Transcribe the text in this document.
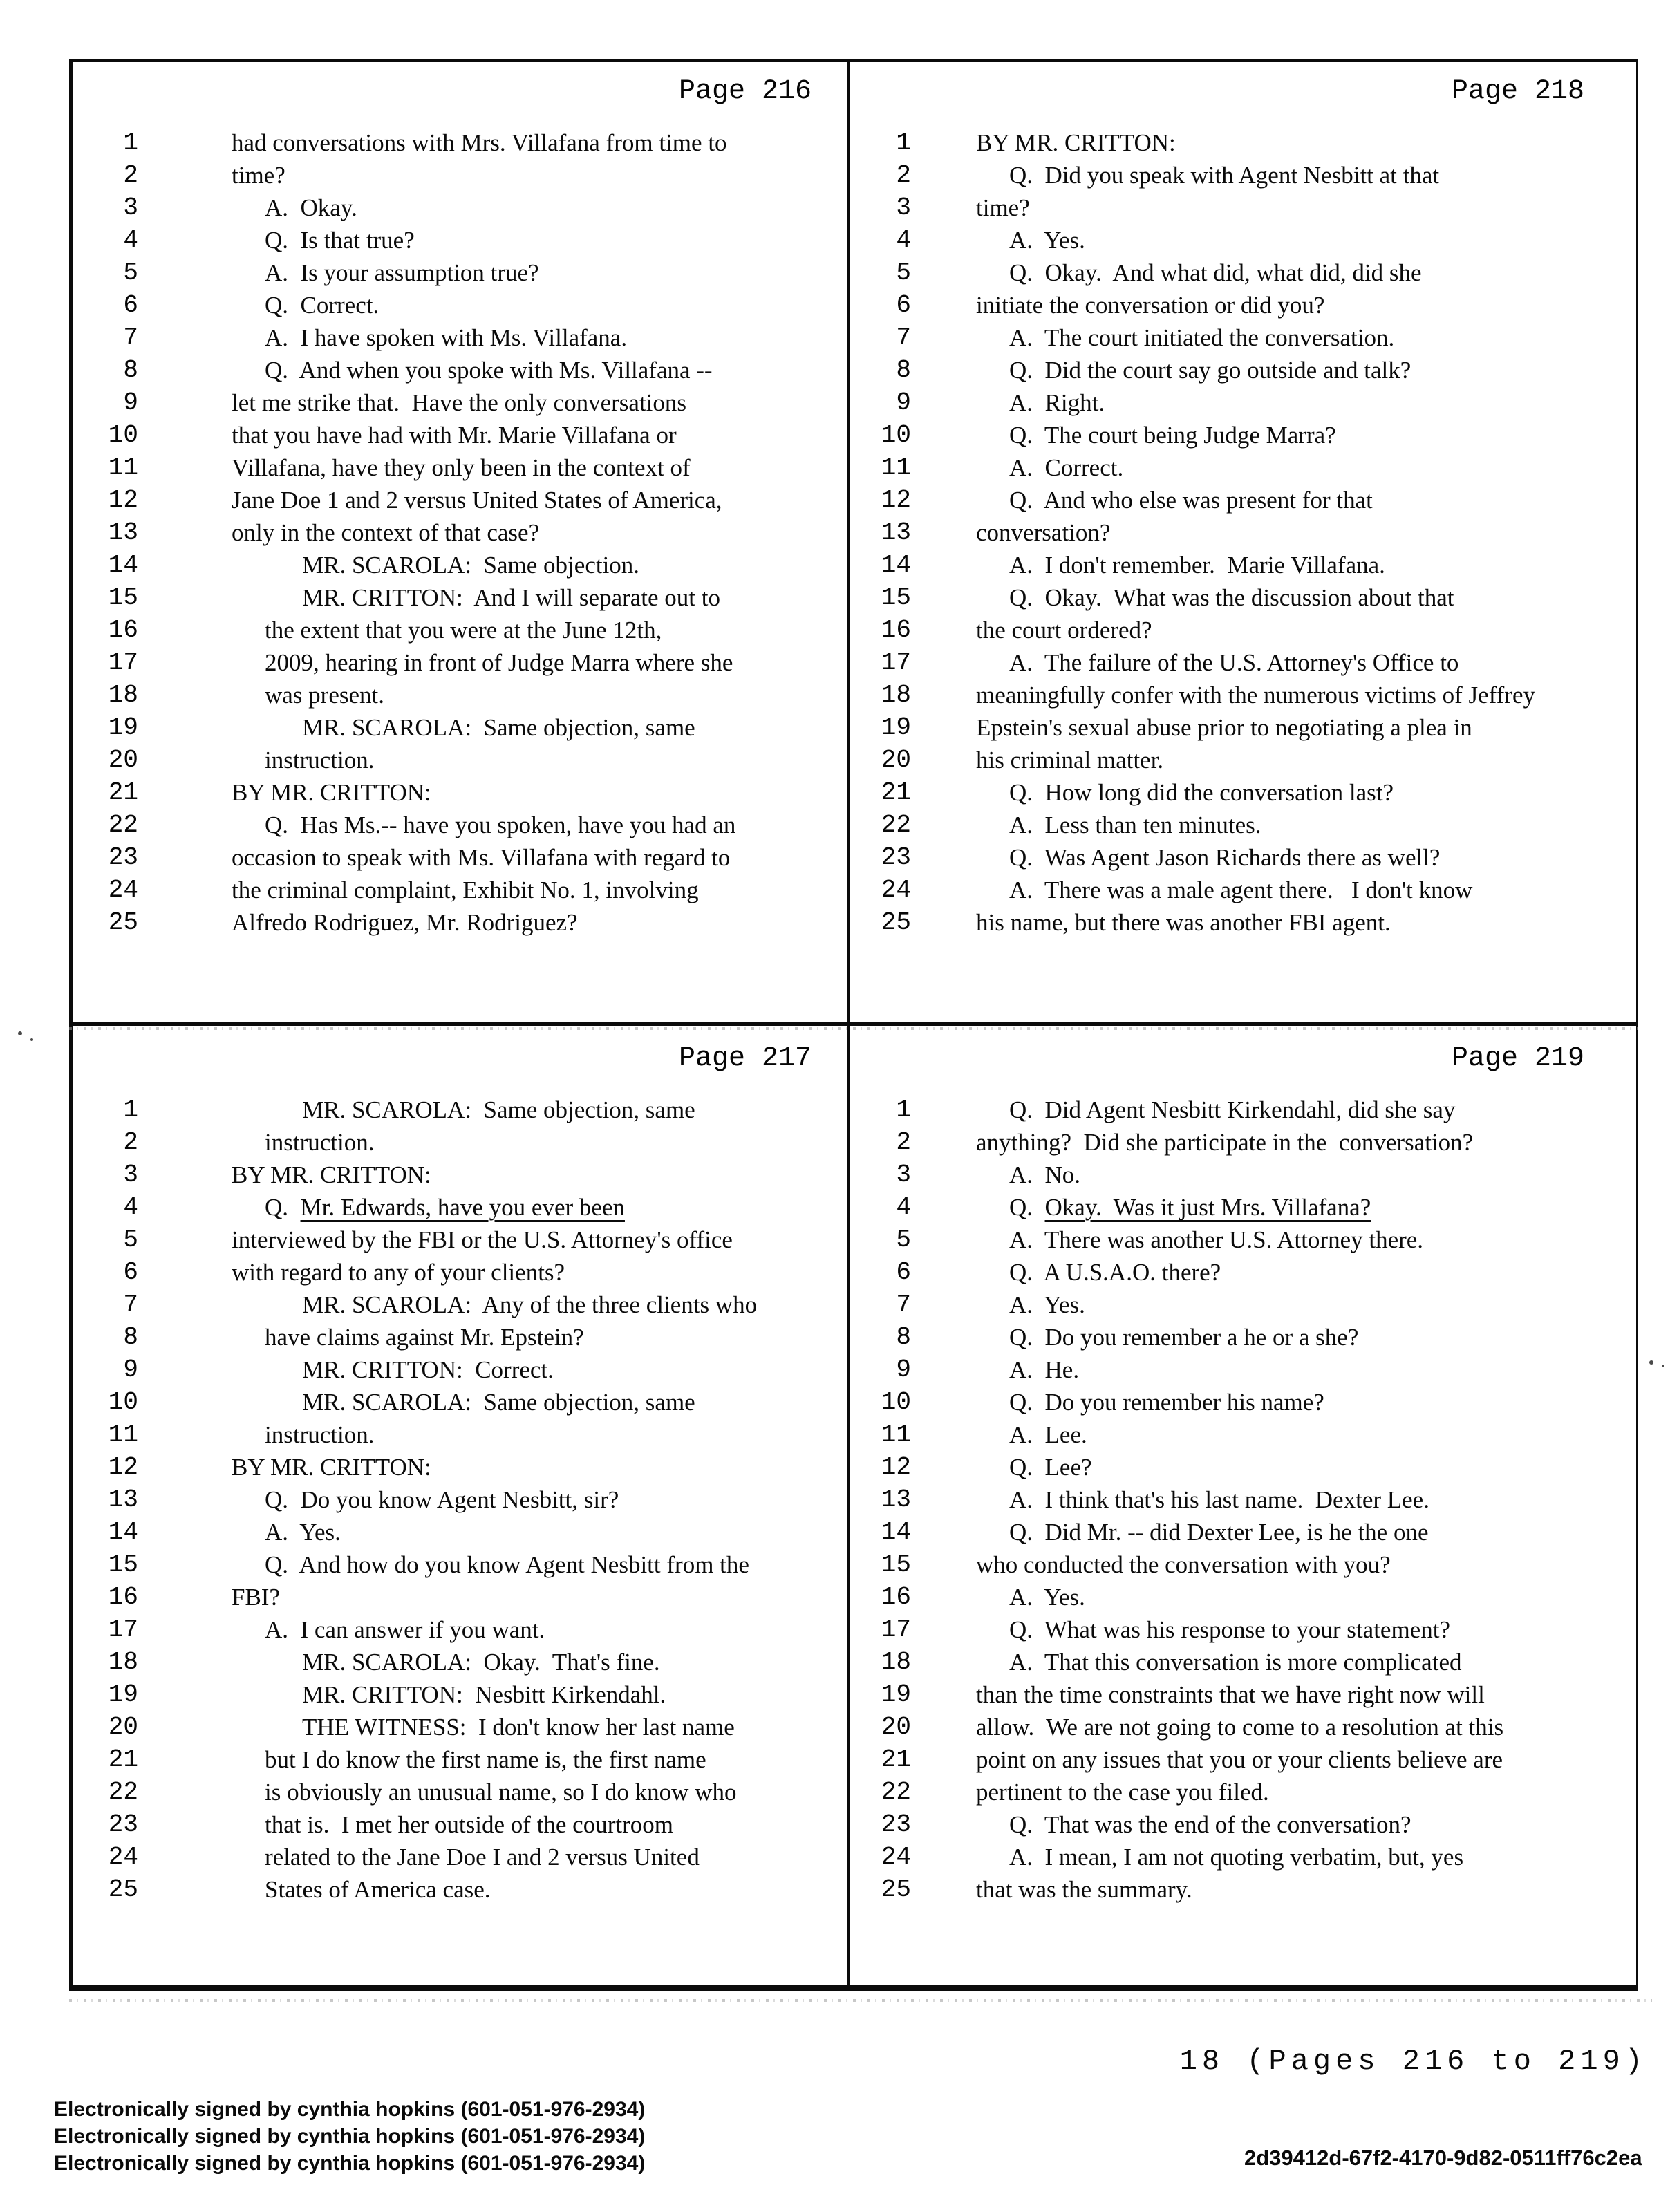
Page 216
1	had conversations with Mrs. Villafana from time to
2	time?
3	A.  Okay.
4	Q.  Is that true?
5	A.  Is your assumption true?
6	Q.  Correct.
7	A.  I have spoken with Ms. Villafana.
8	Q.  And when you spoke with Ms. Villafana --
9	let me strike that.  Have the only conversations
10	that you have had with Mr. Marie Villafana or
11	Villafana, have they only been in the context of
12	Jane Doe 1 and 2 versus United States of America,
13	only in the context of that case?
14	MR. SCAROLA:  Same objection.
15	MR. CRITTON:  And I will separate out to
16	the extent that you were at the June 12th,
17	2009, hearing in front of Judge Marra where she
18	was present.
19	MR. SCAROLA:  Same objection, same
20	instruction.
21	BY MR. CRITTON:
22	Q.  Has Ms.-- have you spoken, have you had an
23	occasion to speak with Ms. Villafana with regard to
24	the criminal complaint, Exhibit No. 1, involving
25	Alfredo Rodriguez, Mr. Rodriguez?
Page 218
1	BY MR. CRITTON:
2	Q.  Did you speak with Agent Nesbitt at that
3	time?
4	A.  Yes.
5	Q.  Okay.  And what did, what did, did she
6	initiate the conversation or did you?
7	A.  The court initiated the conversation.
8	Q.  Did the court say go outside and talk?
9	A.  Right.
10	Q.  The court being Judge Marra?
11	A.  Correct.
12	Q.  And who else was present for that
13	conversation?
14	A.  I don't remember.  Marie Villafana.
15	Q.  Okay.  What was the discussion about that
16	the court ordered?
17	A.  The failure of the U.S. Attorney's Office to
18	meaningfully confer with the numerous victims of Jeffrey
19	Epstein's sexual abuse prior to negotiating a plea in
20	his criminal matter.
21	Q.  How long did the conversation last?
22	A.  Less than ten minutes.
23	Q.  Was Agent Jason Richards there as well?
24	A.  There was a male agent there.   I don't know
25	his name, but there was another FBI agent.
Page 217
1	MR. SCAROLA:  Same objection, same
2	instruction.
3	BY MR. CRITTON:
4	Q.  Mr. Edwards, have you ever been
5	interviewed by the FBI or the U.S. Attorney's office
6	with regard to any of your clients?
7	MR. SCAROLA:  Any of the three clients who
8	have claims against Mr. Epstein?
9	MR. CRITTON:  Correct.
10	MR. SCAROLA:  Same objection, same
11	instruction.
12	BY MR. CRITTON:
13	Q.  Do you know Agent Nesbitt, sir?
14	A.  Yes.
15	Q.  And how do you know Agent Nesbitt from the
16	FBI?
17	A.  I can answer if you want.
18	MR. SCAROLA:  Okay.  That's fine.
19	MR. CRITTON:  Nesbitt Kirkendahl.
20	THE WITNESS:  I don't know her last name
21	but I do know the first name is, the first name
22	is obviously an unusual name, so I do know who
23	that is.  I met her outside of the courtroom
24	related to the Jane Doe I and 2 versus United
25	States of America case.
Page 219
1	Q.  Did Agent Nesbitt Kirkendahl, did she say
2	anything?  Did she participate in the  conversation?
3	A.  No.
4	Q.  Okay.  Was it just Mrs. Villafana?
5	A.  There was another U.S. Attorney there.
6	Q.  A U.S.A.O. there?
7	A.  Yes.
8	Q.  Do you remember a he or a she?
9	A.  He.
10	Q.  Do you remember his name?
11	A.  Lee.
12	Q.  Lee?
13	A.  I think that's his last name.  Dexter Lee.
14	Q.  Did Mr. -- did Dexter Lee, is he the one
15	who conducted the conversation with you?
16	A.  Yes.
17	Q.  What was his response to your statement?
18	A.  That this conversation is more complicated
19	than the time constraints that we have right now will
20	allow.  We are not going to come to a resolution at this
21	point on any issues that you or your clients believe are
22	pertinent to the case you filed.
23	Q.  That was the end of the conversation?
24	A.  I mean, I am not quoting verbatim, but, yes
25	that was the summary.
18 (Pages 216 to 219)
Electronically signed by cynthia hopkins (601-051-976-2934)
Electronically signed by cynthia hopkins (601-051-976-2934)
Electronically signed by cynthia hopkins (601-051-976-2934)	2d39412d-67f2-4170-9d82-0511ff76c2ea
